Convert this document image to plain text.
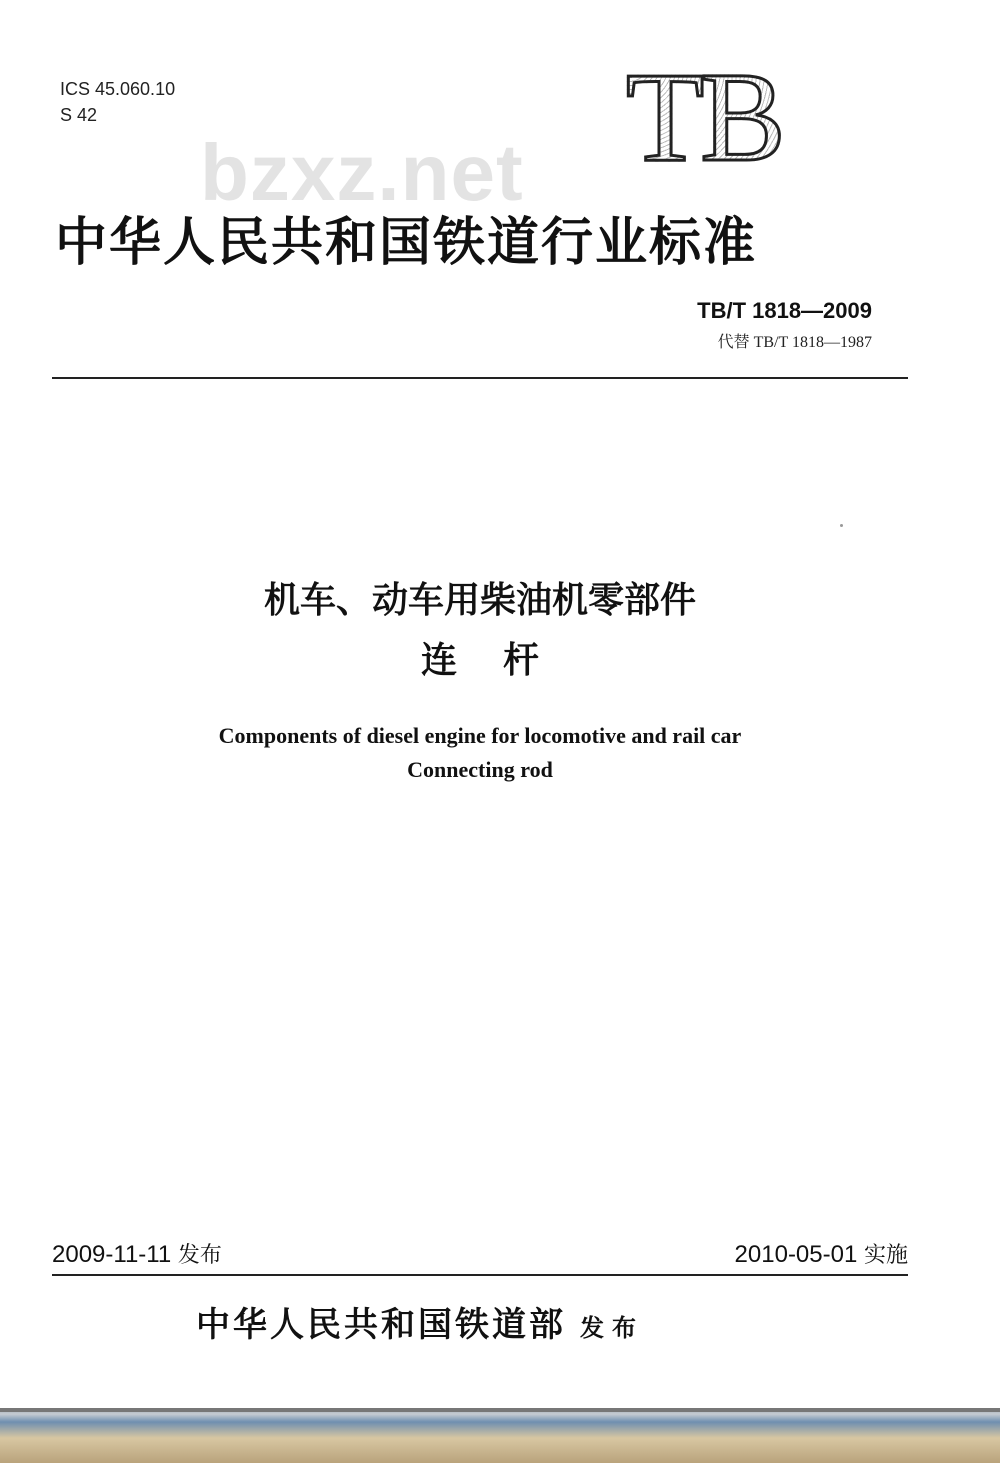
ICS 45.060.10
S 42	TB
bzxz.net
中华人民共和国铁道行业标准
TB/T 1818—2009
代替 TB/T 1818—1987
机车、动车用柴油机零部件
连杆
Components of diesel engine for locomotive and rail car
Connecting rod
2009-11-11 发布	2010-05-01 实施
中华人民共和国铁道部 发布
